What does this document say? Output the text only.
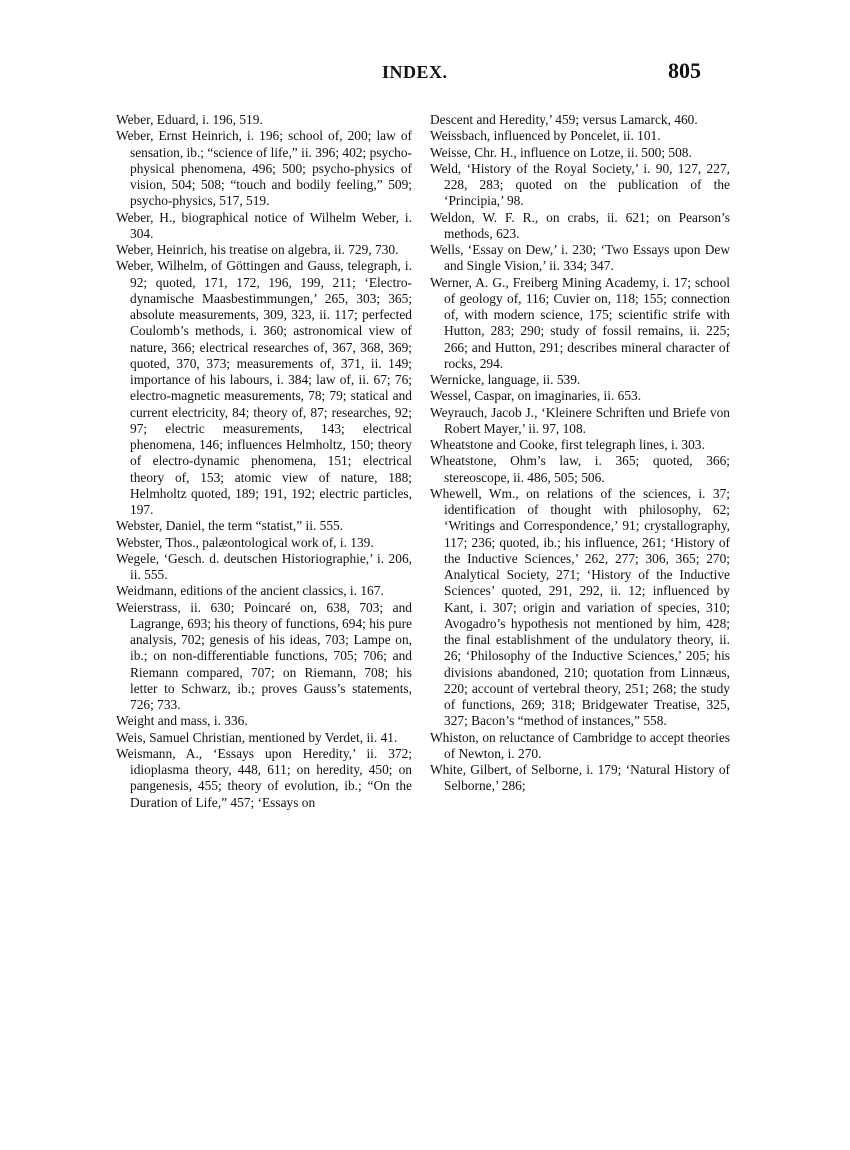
INDEX.	805

Weber, Eduard, i. 196, 519.

Weber, Ernst Heinrich, i. 196; school of, 200; law of sensation, ib.; “science of life,” ii. 396; 402; psycho-physical phenomena, 496; 500; psycho-physics of vision, 504; 508; “touch and bodily feeling,” 509; psycho-physics, 517, 519.

Weber, H., biographical notice of Wilhelm Weber, i. 304.

Weber, Heinrich, his treatise on algebra, ii. 729, 730.

Weber, Wilhelm, of Göttingen and Gauss, telegraph, i. 92; quoted, 171, 172, 196, 199, 211; ‘Electro-dynamische Maasbestimmungen,’ 265, 303; 365; absolute measurements, 309, 323, ii. 117; perfected Coulomb’s methods, i. 360; astronomical view of nature, 366; electrical researches of, 367, 368, 369; quoted, 370, 373; measurements of, 371, ii. 149; importance of his labours, i. 384; law of, ii. 67; 76; electro-magnetic measurements, 78; 79; statical and current electricity, 84; theory of, 87; researches, 92; 97; electric measurements, 143; electrical phenomena, 146; influences Helmholtz, 150; theory of electro-dynamic phenomena, 151; electrical theory of, 153; atomic view of nature, 188; Helmholtz quoted, 189; 191, 192; electric particles, 197.

Webster, Daniel, the term “statist,” ii. 555.

Webster, Thos., palæontological work of, i. 139.

Wegele, ‘Gesch. d. deutschen Historiographie,’ i. 206, ii. 555.

Weidmann, editions of the ancient classics, i. 167.

Weierstrass, ii. 630; Poincaré on, 638, 703; and Lagrange, 693; his theory of functions, 694; his pure analysis, 702; genesis of his ideas, 703; Lampe on, ib.; on non-differentiable functions, 705; 706; and Riemann compared, 707; on Riemann, 708; his letter to Schwarz, ib.; proves Gauss’s statements, 726; 733.

Weight and mass, i. 336.

Weis, Samuel Christian, mentioned by Verdet, ii. 41.

Weismann, A., ‘Essays upon Heredity,’ ii. 372; idioplasma theory, 448, 611; on heredity, 450; on pangenesis, 455; theory of evolution, ib.; “On the Duration of Life,” 457; ‘Essays on

Descent and Heredity,’ 459; versus Lamarck, 460.

Weissbach, influenced by Poncelet, ii. 101.

Weisse, Chr. H., influence on Lotze, ii. 500; 508.

Weld, ‘History of the Royal Society,’ i. 90, 127, 227, 228, 283; quoted on the publication of the ‘Principia,’ 98.

Weldon, W. F. R., on crabs, ii. 621; on Pearson’s methods, 623.

Wells, ‘Essay on Dew,’ i. 230; ‘Two Essays upon Dew and Single Vision,’ ii. 334; 347.

Werner, A. G., Freiberg Mining Academy, i. 17; school of geology of, 116; Cuvier on, 118; 155; connection of, with modern science, 175; scientific strife with Hutton, 283; 290; study of fossil remains, ii. 225; 266; and Hutton, 291; describes mineral character of rocks, 294.

Wernicke, language, ii. 539.

Wessel, Caspar, on imaginaries, ii. 653.

Weyrauch, Jacob J., ‘Kleinere Schriften und Briefe von Robert Mayer,’ ii. 97, 108.

Wheatstone and Cooke, first telegraph lines, i. 303.

Wheatstone, Ohm’s law, i. 365; quoted, 366; stereoscope, ii. 486, 505; 506.

Whewell, Wm., on relations of the sciences, i. 37; identification of thought with philosophy, 62; ‘Writings and Correspondence,’ 91; crystallography, 117; 236; quoted, ib.; his influence, 261; ‘History of the Inductive Sciences,’ 262, 277; 306, 365; 270; Analytical Society, 271; ‘History of the Inductive Sciences’ quoted, 291, 292, ii. 12; influenced by Kant, i. 307; origin and variation of species, 310; Avogadro’s hypothesis not mentioned by him, 428; the final establishment of the undulatory theory, ii. 26; ‘Philosophy of the Inductive Sciences,’ 205; his divisions abandoned, 210; quotation from Linnæus, 220; account of vertebral theory, 251; 268; the study of functions, 269; 318; Bridgewater Treatise, 325, 327; Bacon’s “method of instances,” 558.

Whiston, on reluctance of Cambridge to accept theories of Newton, i. 270.

White, Gilbert, of Selborne, i. 179; ‘Natural History of Selborne,’ 286;
